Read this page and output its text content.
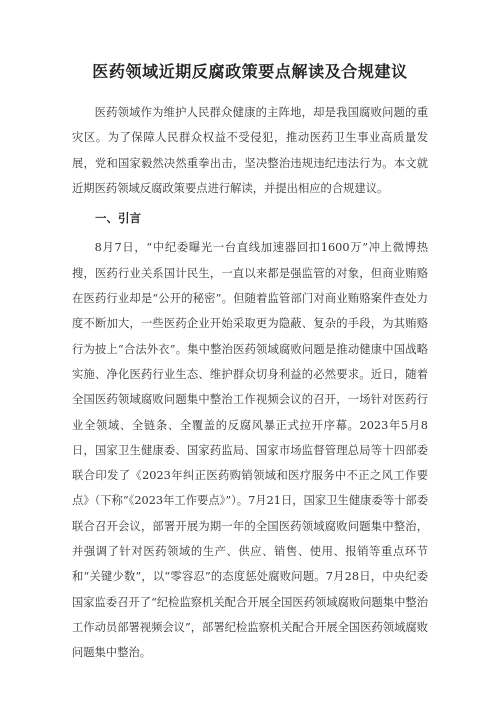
医药领域近期反腐政策要点解读及合规建议

医药领域作为维护人民群众健康的主阵地，却是我国腐败问题的重灾区。为了保障人民群众权益不受侵犯，推动医药卫生事业高质量发展，党和国家毅然决然重拳出击，坚决整治违规违纪违法行为。本文就近期医药领域反腐政策要点进行解读，并提出相应的合规建议。

一、引言

8月7日，“中纪委曝光一台直线加速器回扣1600万”冲上微博热搜，医药行业关系国计民生，一直以来都是强监管的对象，但商业贿赂在医药行业却是“公开的秘密”。但随着监管部门对商业贿赂案件查处力度不断加大，一些医药企业开始采取更为隐蔽、复杂的手段，为其贿赂行为披上“合法外衣”。集中整治医药领域腐败问题是推动健康中国战略实施、净化医药行业生态、维护群众切身利益的必然要求。近日，随着全国医药领域腐败问题集中整治工作视频会议的召开，一场针对医药行业全领域、全链条、全覆盖的反腐风暴正式拉开序幕。2023年5月8日，国家卫生健康委、国家药监局、国家市场监督管理总局等十四部委联合印发了《2023年纠正医药购销领域和医疗服务中不正之风工作要点》（下称“《2023年工作要点》”）。7月21日，国家卫生健康委等十部委联合召开会议，部署开展为期一年的全国医药领域腐败问题集中整治，并强调了针对医药领域的生产、供应、销售、使用、报销等重点环节和“关键少数”，以“零容忍”的态度惩处腐败问题。7月28日，中央纪委国家监委召开了“纪检监察机关配合开展全国医药领域腐败问题集中整治工作动员部署视频会议”，部署纪检监察机关配合开展全国医药领域腐败问题集中整治。
